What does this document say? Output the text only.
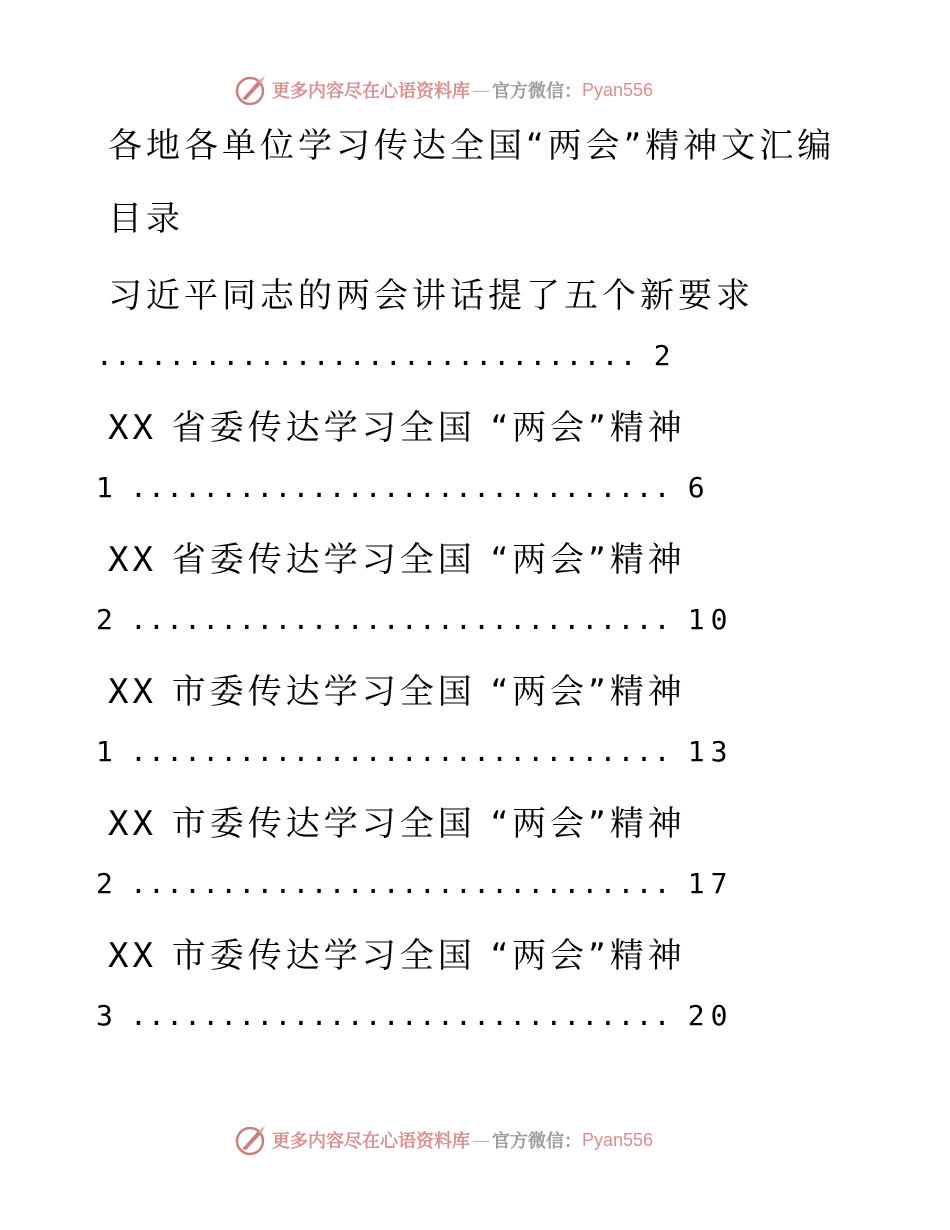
更多内容尽在心语资料库 — 官方微信： Pyan556
各地各单位学习传达全国“两会”精神文汇编
目录
习近平同志的两会讲话提了五个新要求
.............................. 2
XX 省委传达学习全国 “两会”精神
1 .............................. 6
XX 省委传达学习全国 “两会”精神
2 .............................. 10
XX 市委传达学习全国 “两会”精神
1 .............................. 13
XX 市委传达学习全国 “两会”精神
2 .............................. 17
XX 市委传达学习全国 “两会”精神
3 .............................. 20
更多内容尽在心语资料库 — 官方微信： Pyan556
